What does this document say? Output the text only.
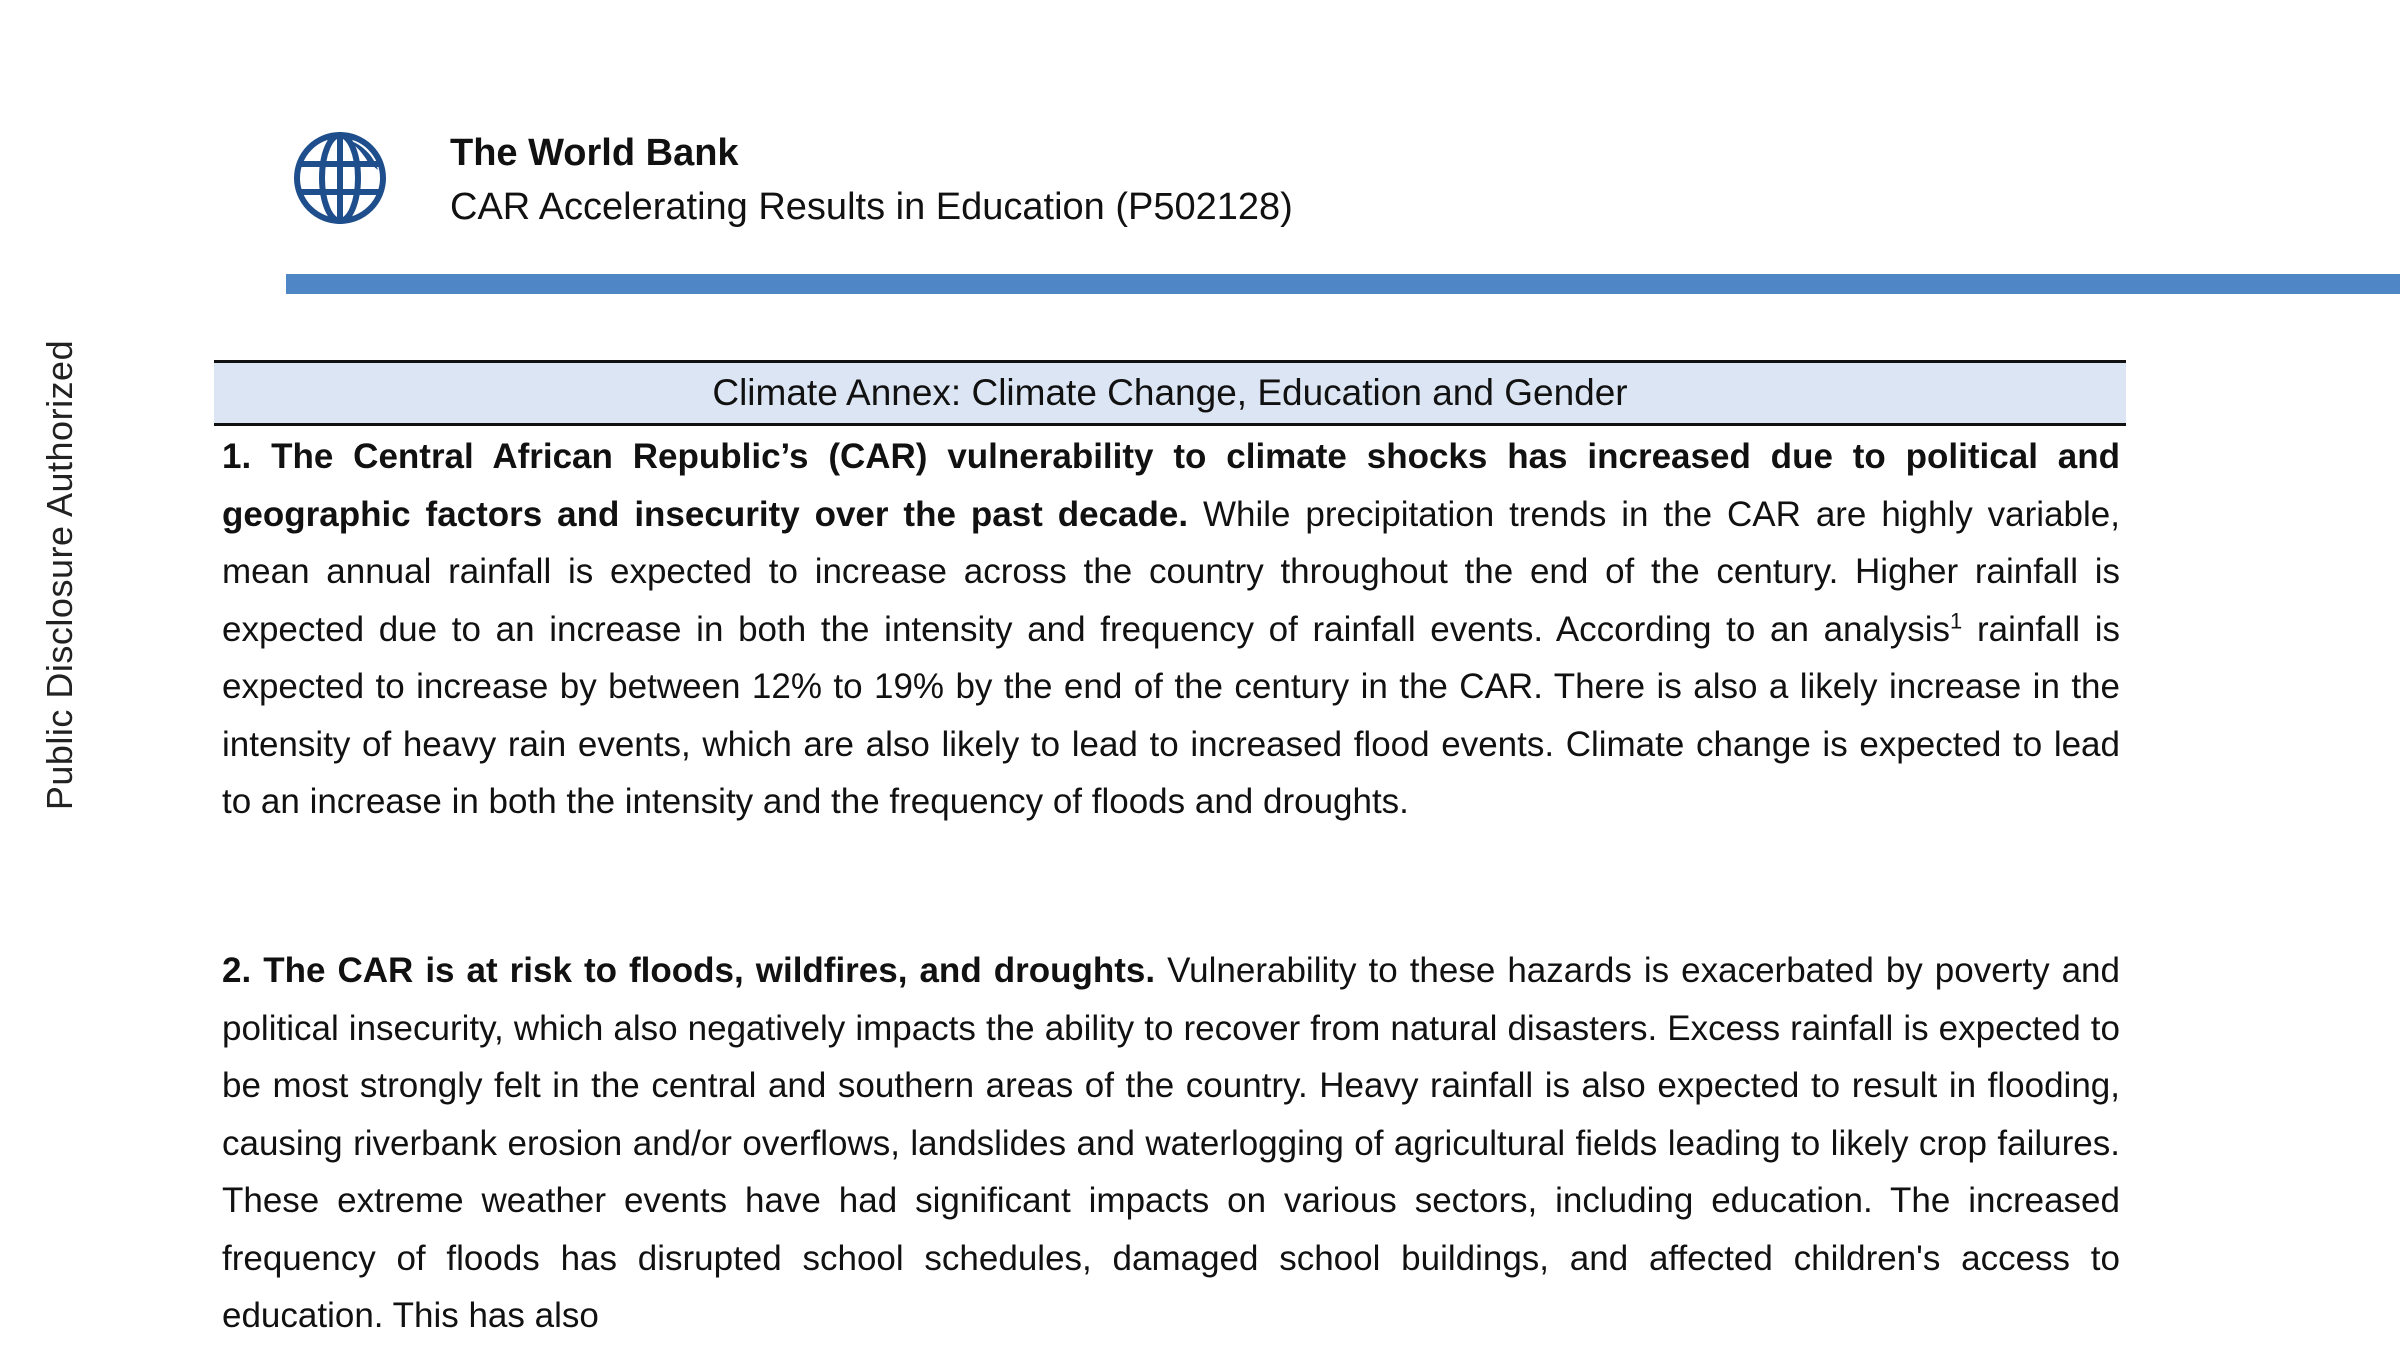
Public Disclosure Authorized
The World Bank
CAR Accelerating Results in Education (P502128)
Climate Annex: Climate Change, Education and Gender

1. The Central African Republic’s (CAR) vulnerability to climate shocks has increased due to political and geographic factors and insecurity over the past decade. While precipitation trends in the CAR are highly variable, mean annual rainfall is expected to increase across the country throughout the end of the century. Higher rainfall is expected due to an increase in both the intensity and frequency of rainfall events. According to an analysis$^1$ rainfall is expected to increase by between 12% to 19% by the end of the century in the CAR. There is also a likely increase in the intensity of heavy rain events, which are also likely to lead to increased flood events. Climate change is expected to lead to an increase in both the intensity and the frequency of floods and droughts.

2. The CAR is at risk to floods, wildfires, and droughts. Vulnerability to these hazards is exacerbated by poverty and political insecurity, which also negatively impacts the ability to recover from natural disasters. Excess rainfall is expected to be most strongly felt in the central and southern areas of the country. Heavy rainfall is also expected to result in flooding, causing riverbank erosion and/or overflows, landslides and waterlogging of agricultural fields leading to likely crop failures. These extreme weather events have had significant impacts on various sectors, including education. The increased frequency of floods has disrupted school schedules, damaged school buildings, and affected children's access to education. This has also
